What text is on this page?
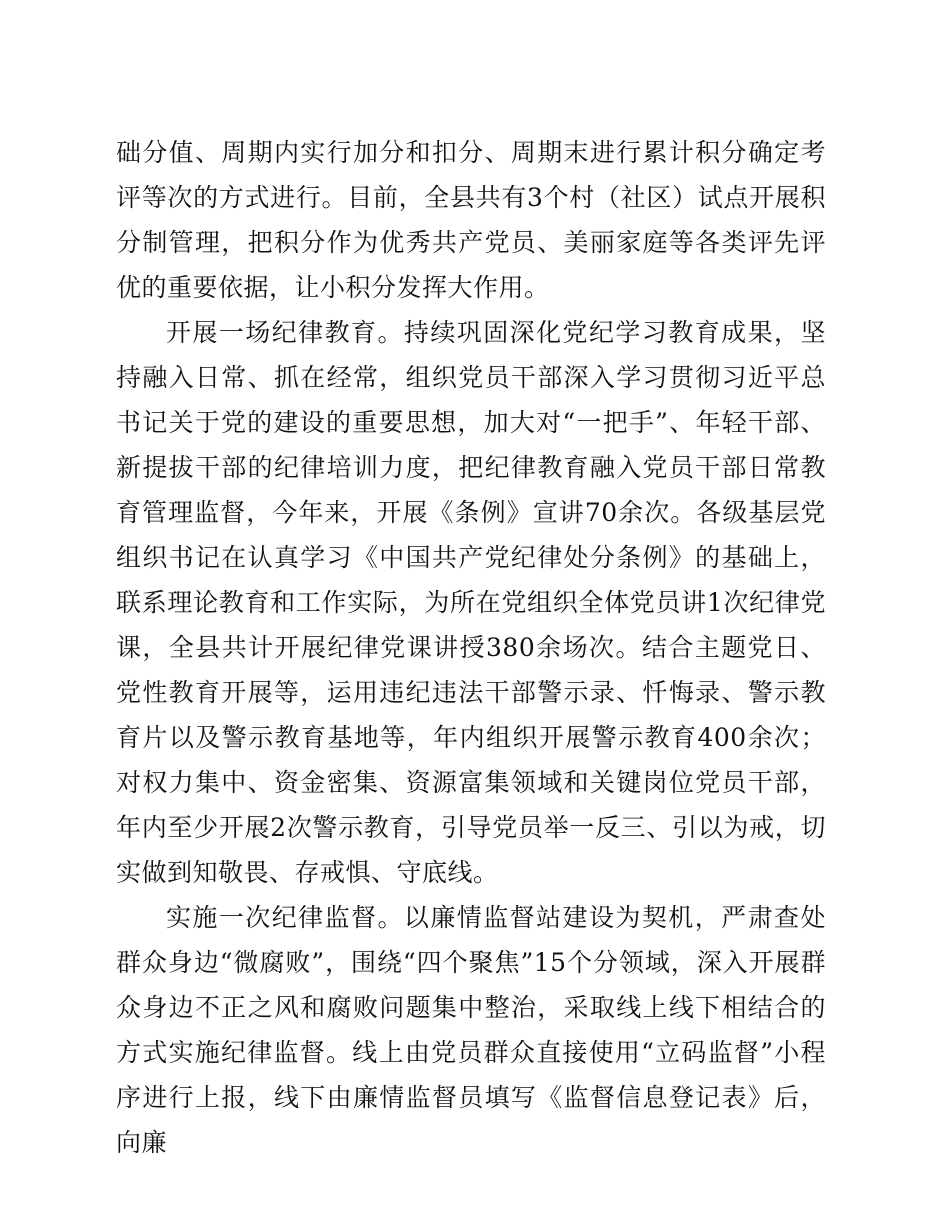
础分值、周期内实行加分和扣分、周期末进行累计积分确定考评等次的方式进行。目前，全县共有3个村（社区）试点开展积分制管理，把积分作为优秀共产党员、美丽家庭等各类评先评优的重要依据，让小积分发挥大作用。

开展一场纪律教育。持续巩固深化党纪学习教育成果，坚持融入日常、抓在经常，组织党员干部深入学习贯彻习近平总书记关于党的建设的重要思想，加大对“一把手”、年轻干部、新提拔干部的纪律培训力度，把纪律教育融入党员干部日常教育管理监督，今年来，开展《条例》宣讲70余次。各级基层党组织书记在认真学习《中国共产党纪律处分条例》的基础上，联系理论教育和工作实际，为所在党组织全体党员讲1次纪律党课，全县共计开展纪律党课讲授380余场次。结合主题党日、党性教育开展等，运用违纪违法干部警示录、忏悔录、警示教育片以及警示教育基地等，年内组织开展警示教育400余次；对权力集中、资金密集、资源富集领域和关键岗位党员干部，年内至少开展2次警示教育，引导党员举一反三、引以为戒，切实做到知敬畏、存戒惧、守底线。

实施一次纪律监督。以廉情监督站建设为契机，严肃查处群众身边“微腐败”，围绕“四个聚焦”15个分领域，深入开展群众身边不正之风和腐败问题集中整治，采取线上线下相结合的方式实施纪律监督。线上由党员群众直接使用“立码监督”小程序进行上报，线下由廉情监督员填写《监督信息登记表》后，向廉
